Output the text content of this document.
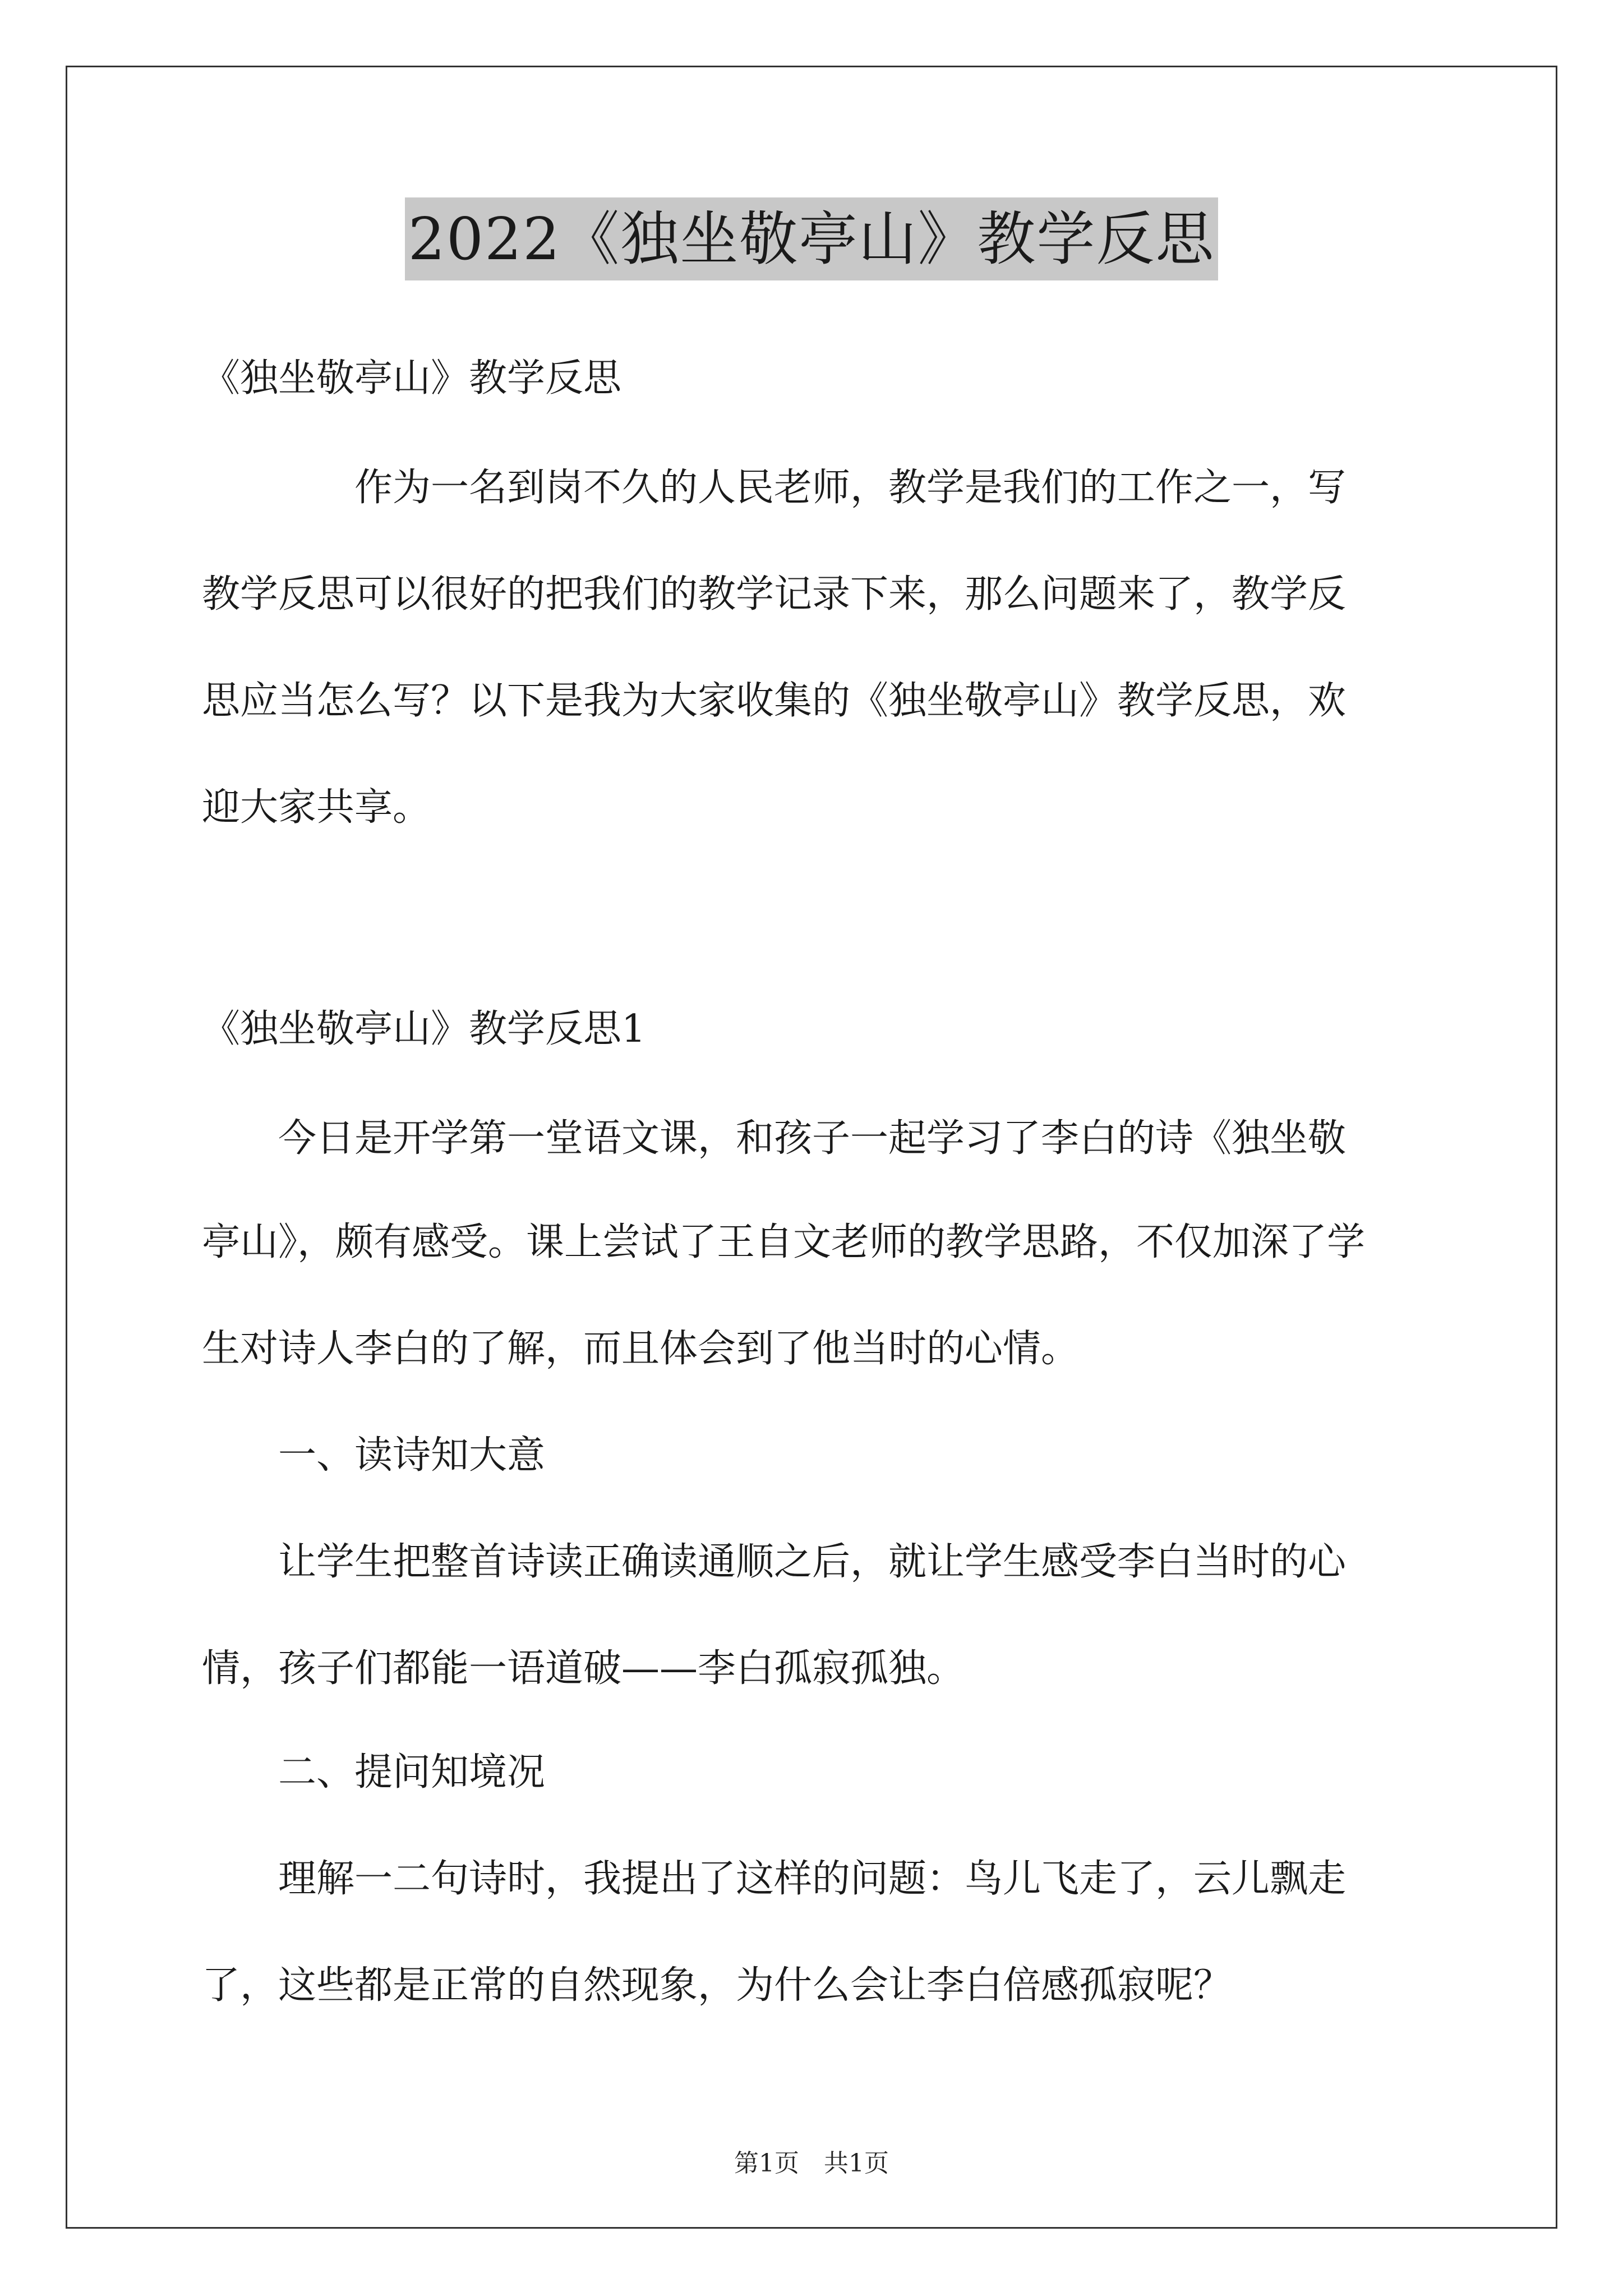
2022《独坐敬亭山》教学反思

《独坐敬亭山》教学反思

　　　　作为一名到岗不久的人民老师，教学是我们的工作之一，写

教学反思可以很好的把我们的教学记录下来，那么问题来了，教学反

思应当怎么写？以下是我为大家收集的《独坐敬亭山》教学反思，欢

迎大家共享。

《独坐敬亭山》教学反思1

　　今日是开学第一堂语文课，和孩子一起学习了李白的诗《独坐敬

亭山》，颇有感受。课上尝试了王自文老师的教学思路，不仅加深了学

生对诗人李白的了解，而且体会到了他当时的心情。

　　一、读诗知大意

　　让学生把整首诗读正确读通顺之后，就让学生感受李白当时的心

情，孩子们都能一语道破——李白孤寂孤独。

　　二、提问知境况

　　理解一二句诗时，我提出了这样的问题：鸟儿飞走了，云儿飘走

了，这些都是正常的自然现象，为什么会让李白倍感孤寂呢？

第1页　共1页
